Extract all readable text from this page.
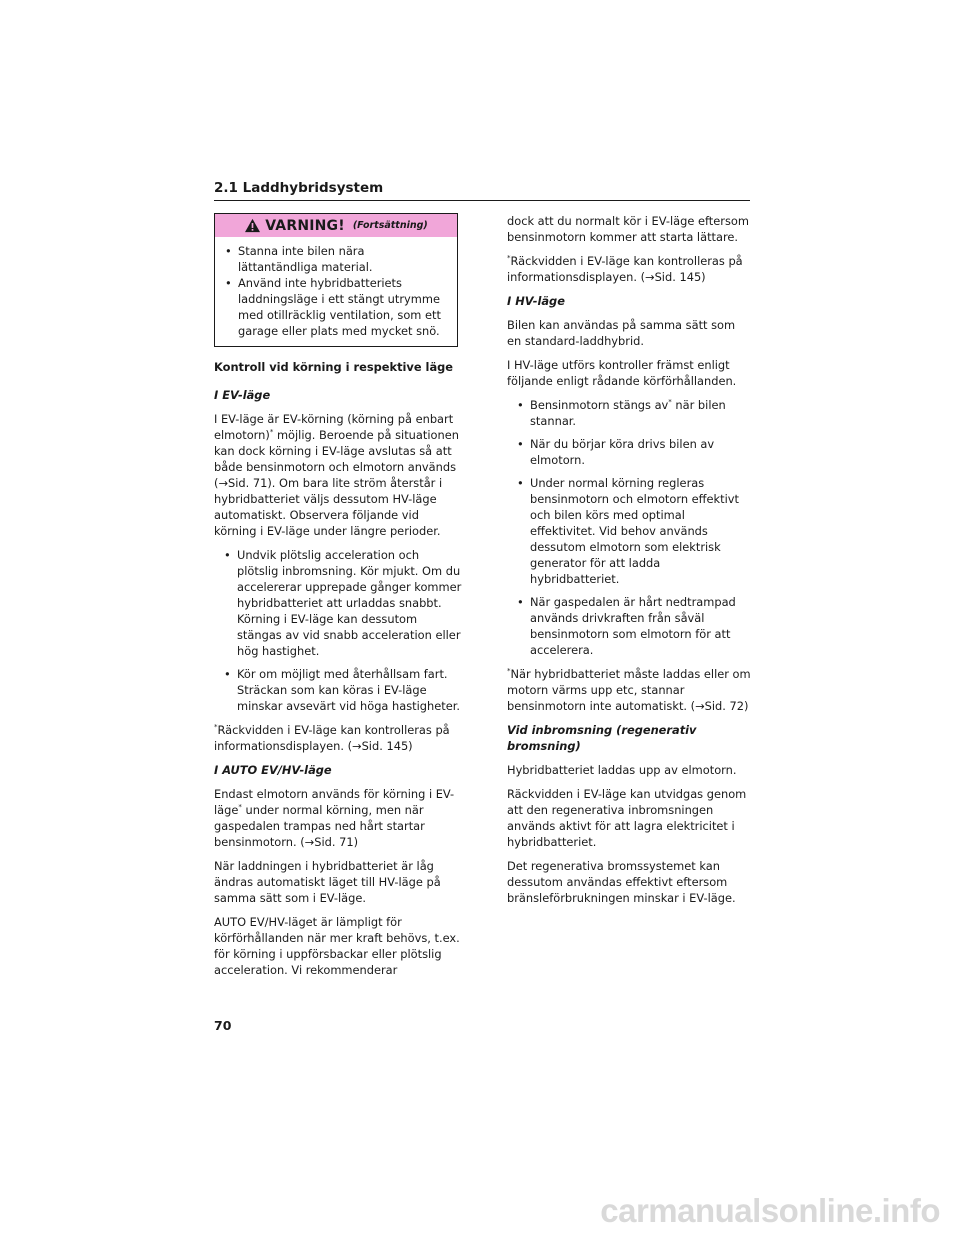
2.1 Laddhybridsystem
VARNING! (Fortsättning)
• Stanna inte bilen nära lättantändliga material.
• Använd inte hybridbatteriets laddningsläge i ett stängt utrymme med otillräcklig ventilation, som ett garage eller plats med mycket snö.
Kontroll vid körning i respektive läge
I EV-läge

I EV-läge är EV-körning (körning på enbart elmotorn)* möjlig. Beroende på situationen kan dock körning i EV-läge avslutas så att både bensinmotorn och elmotorn används (→Sid. 71). Om bara lite ström återstår i hybridbatteriet väljs dessutom HV-läge automatiskt. Observera följande vid körning i EV-läge under längre perioder.

• Undvik plötslig acceleration och plötslig inbromsning. Kör mjukt. Om du accelererar upprepade gånger kommer hybridbatteriet att urladdas snabbt. Körning i EV-läge kan dessutom stängas av vid snabb acceleration eller hög hastighet.
• Kör om möjligt med återhållsam fart. Sträckan som kan köras i EV-läge minskar avsevärt vid höga hastigheter.

*Räckvidden i EV-läge kan kontrolleras på informationsdisplayen. (→Sid. 145)

I AUTO EV/HV-läge

Endast elmotorn används för körning i EV-läge* under normal körning, men när gaspedalen trampas ned hårt startar bensinmotorn. (→Sid. 71)

När laddningen i hybridbatteriet är låg ändras automatiskt läget till HV-läge på samma sätt som i EV-läge.

AUTO EV/HV-läget är lämpligt för körförhållanden när mer kraft behövs, t.ex. för körning i uppförsbackar eller plötslig acceleration. Vi rekommenderar

dock att du normalt kör i EV-läge eftersom bensinmotorn kommer att starta lättare.

*Räckvidden i EV-läge kan kontrolleras på informationsdisplayen. (→Sid. 145)

I HV-läge

Bilen kan användas på samma sätt som en standard-laddhybrid.

I HV-läge utförs kontroller främst enligt följande enligt rådande körförhållanden.

• Bensinmotorn stängs av* när bilen stannar.
• När du börjar köra drivs bilen av elmotorn.
• Under normal körning regleras bensinmotorn och elmotorn effektivt och bilen körs med optimal effektivitet. Vid behov används dessutom elmotorn som elektrisk generator för att ladda hybridbatteriet.
• När gaspedalen är hårt nedtrampad används drivkraften från såväl bensinmotorn som elmotorn för att accelerera.

*När hybridbatteriet måste laddas eller om motorn värms upp etc, stannar bensinmotorn inte automatiskt. (→Sid. 72)

Vid inbromsning (regenerativ bromsning)

Hybridbatteriet laddas upp av elmotorn.

Räckvidden i EV-läge kan utvidgas genom att den regenerativa inbromsningen används aktivt för att lagra elektricitet i hybridbatteriet.

Det regenerativa bromssystemet kan dessutom användas effektivt eftersom bränsleförbrukningen minskar i EV-läge.

70
carmanualsonline.info
